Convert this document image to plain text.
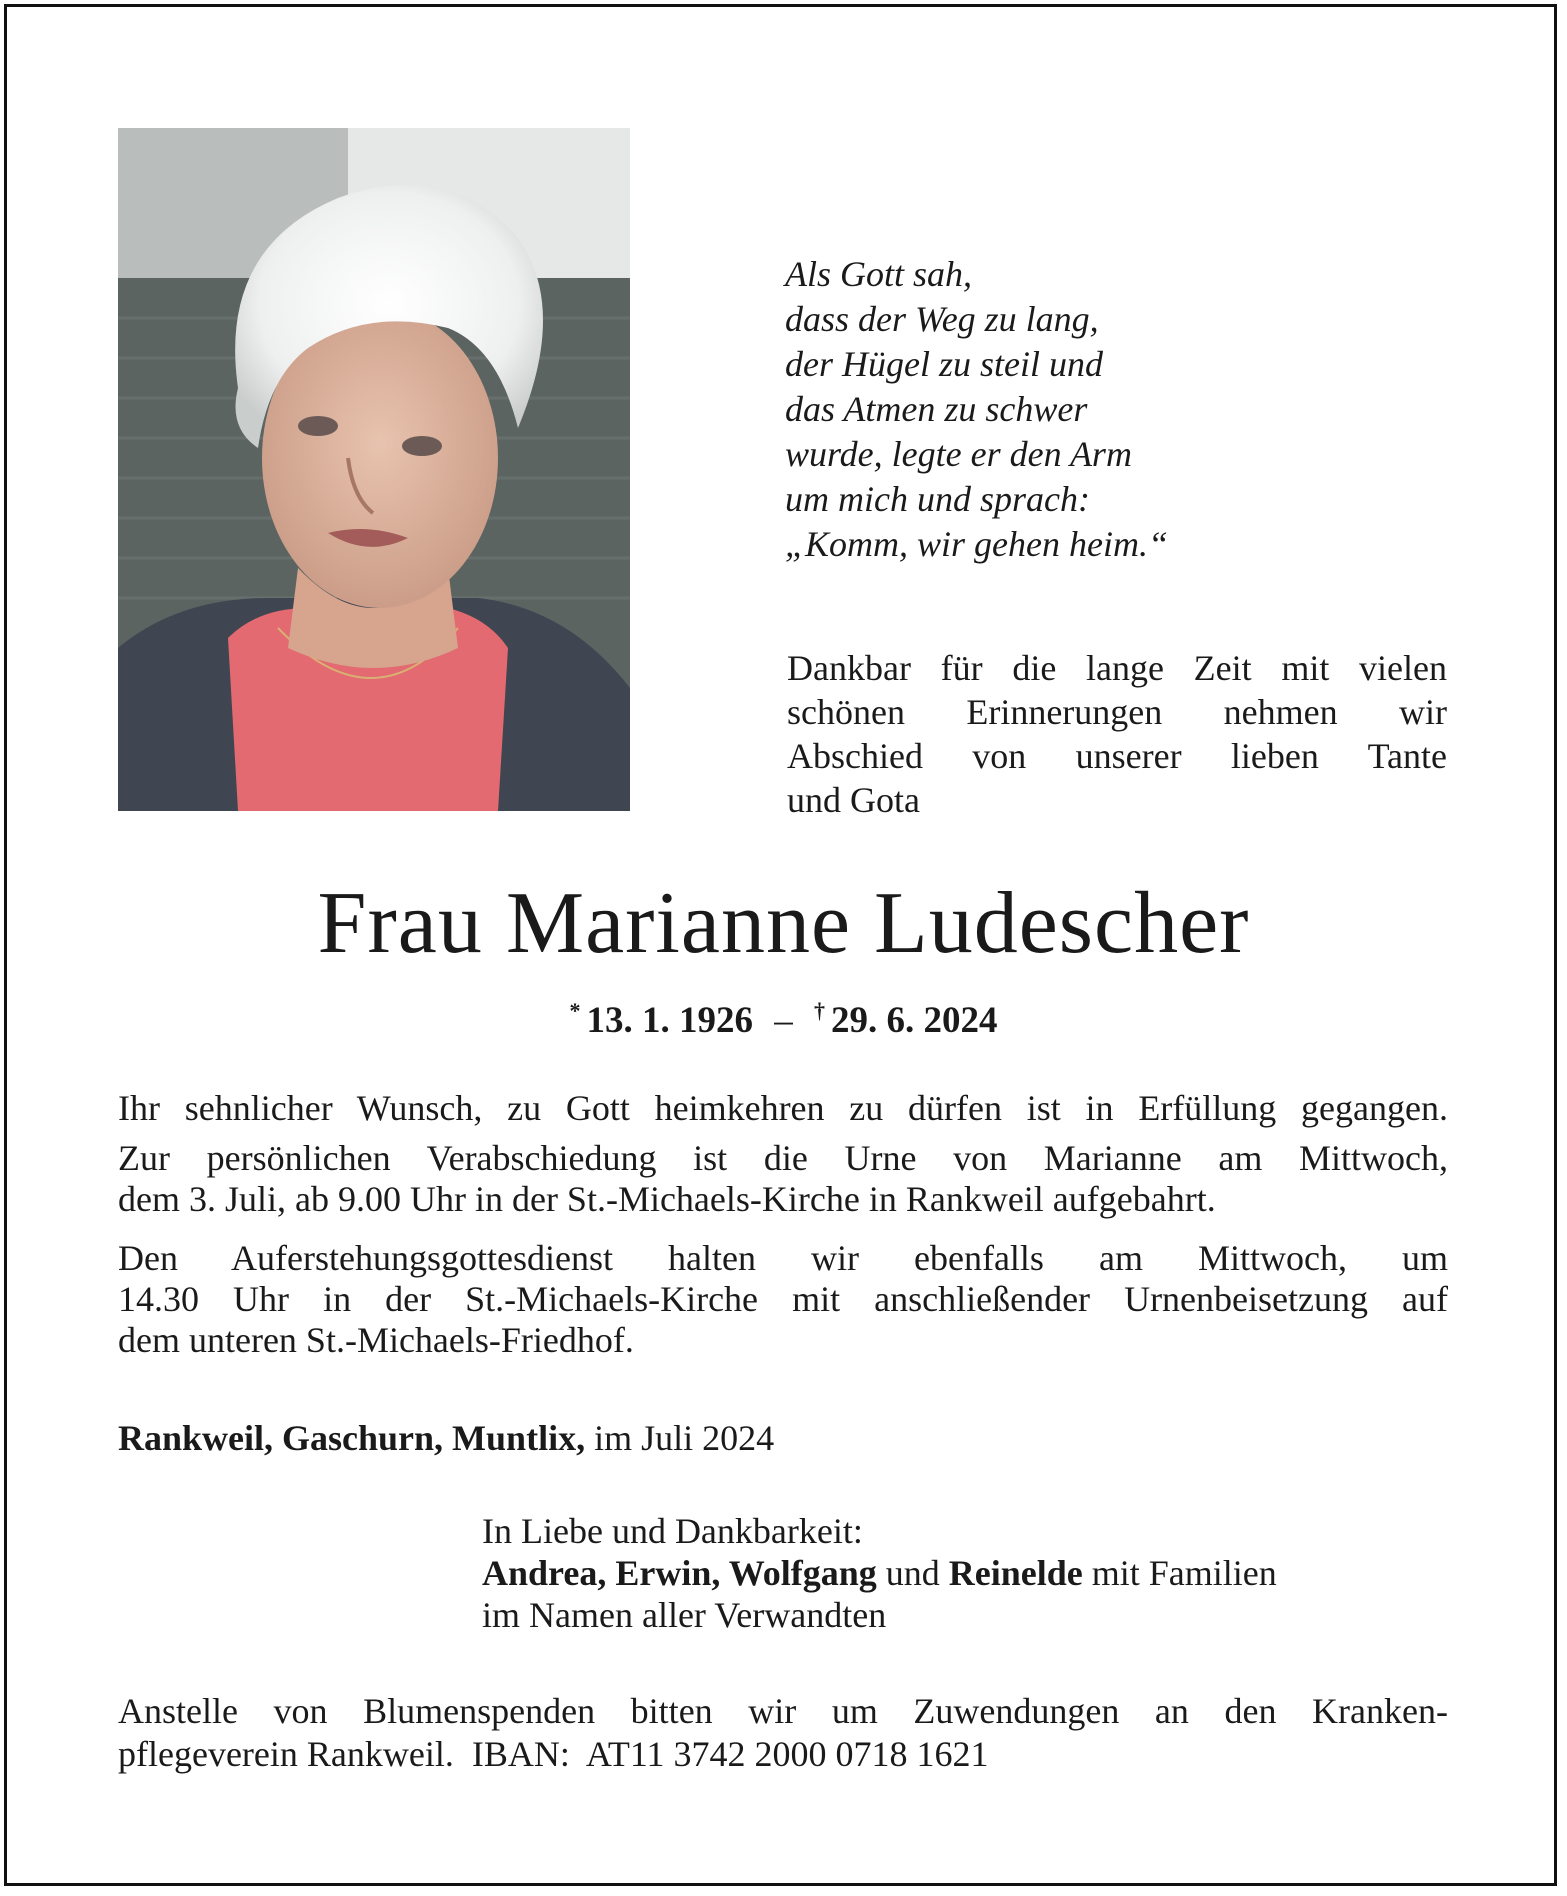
Als Gott sah,
dass der Weg zu lang,
der Hügel zu steil und
das Atmen zu schwer
wurde, legte er den Arm
um mich und sprach:
„Komm, wir gehen heim.“
Dankbar für die lange Zeit mit vielen
schönen Erinnerungen nehmen wir
Abschied von unserer lieben Tante
und Gota
Frau Marianne Ludescher
* 13. 1. 1926 – † 29. 6. 2024
Ihr sehnlicher Wunsch, zu Gott heimkehren zu dürfen ist in Erfüllung gegangen.
Zur persönlichen Verabschiedung ist die Urne von Marianne am Mittwoch,
dem 3. Juli, ab 9.00 Uhr in der St.-Michaels-Kirche in Rankweil aufgebahrt.
Den Auferstehungsgottesdienst halten wir ebenfalls am Mittwoch, um
14.30 Uhr in der St.-Michaels-Kirche mit anschließender Urnenbeisetzung auf
dem unteren St.-Michaels-Friedhof.
Rankweil, Gaschurn, Muntlix, im Juli 2024
In Liebe und Dankbarkeit:
Andrea, Erwin, Wolfgang und Reinelde mit Familien
im Namen aller Verwandten
Anstelle von Blumenspenden bitten wir um Zuwendungen an den Kranken-
pflegeverein Rankweil.  IBAN:  AT11 3742 2000 0718 1621
